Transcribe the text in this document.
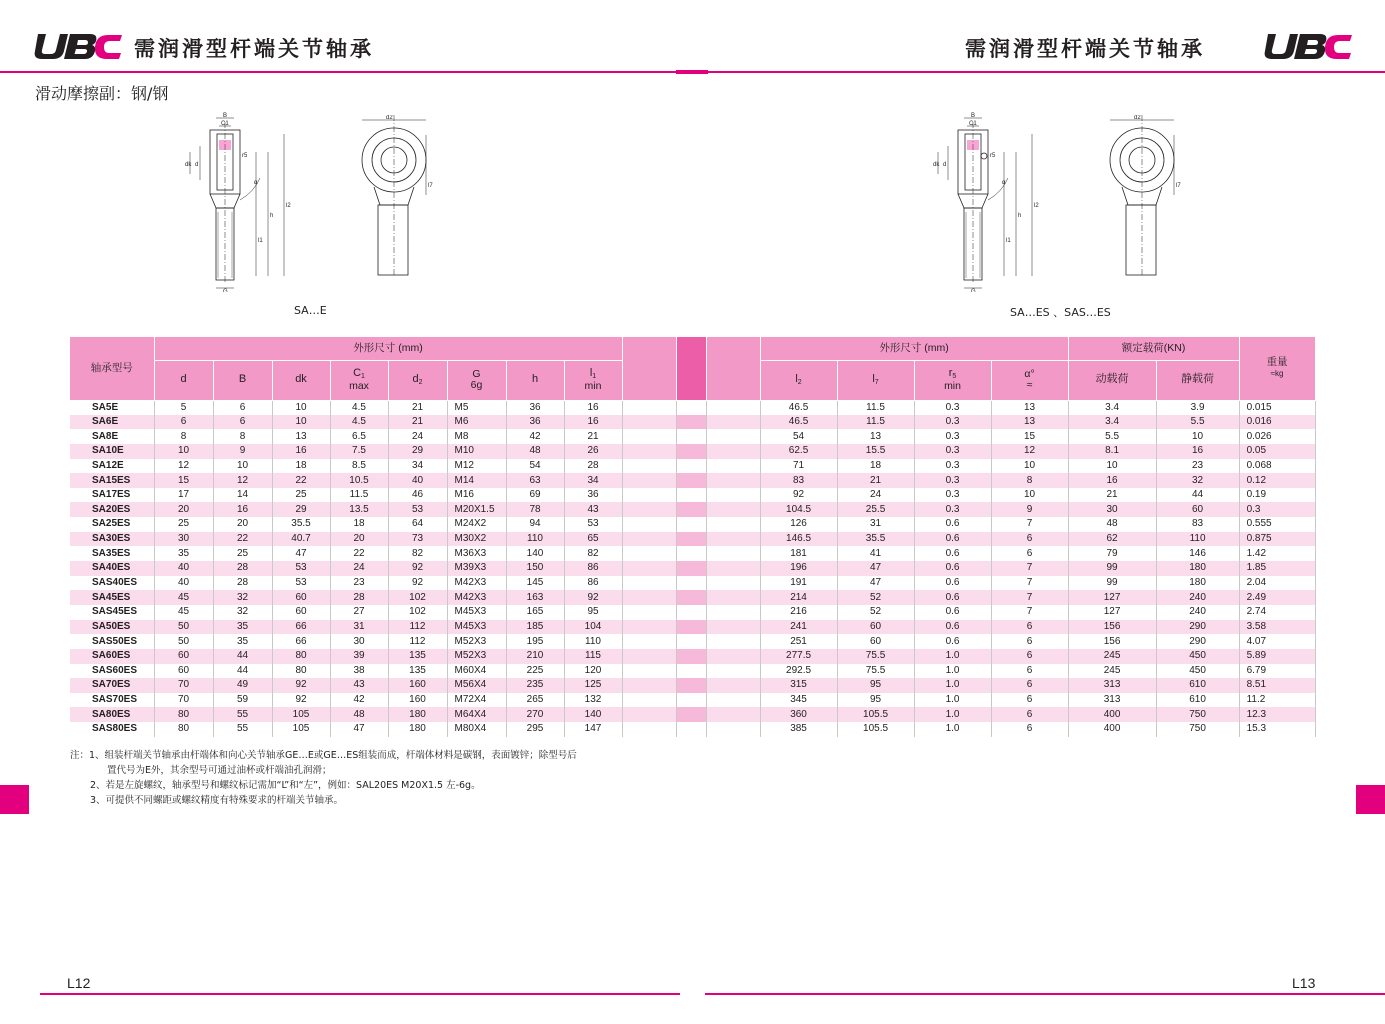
需润滑型杆端关节轴承	需润滑型杆端关节轴承
滑动摩擦副：钢/钢
B
C1
r5
dk d
α
G
l1
h
l2
d2
l7
SA…E
B
C1
r5
dk d
α
G
l1
h
l2
d2
l7
SA…ES 、SAS…ES
轴承型号	外形尺寸 (mm)											外形尺寸 (mm)				额定载荷(KN)		重量
≈kg
	d	B	dk	$C_1$
max	$d_2$	G
6g	h	$l_1$
min				$l_2$	$l_7$	$r_5$
min	α°
≈	动载荷	静载荷	
SA5E	5	6	10	4.5	21	M5	36	16				46.5	11.5	0.3	13	3.4	3.9	0.015
SA6E	6	6	10	4.5	21	M6	36	16				46.5	11.5	0.3	13	3.4	5.5	0.016
SA8E	8	8	13	6.5	24	M8	42	21				54	13	0.3	15	5.5	10	0.026
SA10E	10	9	16	7.5	29	M10	48	26				62.5	15.5	0.3	12	8.1	16	0.05
SA12E	12	10	18	8.5	34	M12	54	28				71	18	0.3	10	10	23	0.068
SA15ES	15	12	22	10.5	40	M14	63	34				83	21	0.3	8	16	32	0.12
SA17ES	17	14	25	11.5	46	M16	69	36				92	24	0.3	10	21	44	0.19
SA20ES	20	16	29	13.5	53	M20X1.5	78	43				104.5	25.5	0.3	9	30	60	0.3
SA25ES	25	20	35.5	18	64	M24X2	94	53				126	31	0.6	7	48	83	0.555
SA30ES	30	22	40.7	20	73	M30X2	110	65				146.5	35.5	0.6	6	62	110	0.875
SA35ES	35	25	47	22	82	M36X3	140	82				181	41	0.6	6	79	146	1.42
SA40ES	40	28	53	24	92	M39X3	150	86				196	47	0.6	7	99	180	1.85
SAS40ES	40	28	53	23	92	M42X3	145	86				191	47	0.6	7	99	180	2.04
SA45ES	45	32	60	28	102	M42X3	163	92				214	52	0.6	7	127	240	2.49
SAS45ES	45	32	60	27	102	M45X3	165	95				216	52	0.6	7	127	240	2.74
SA50ES	50	35	66	31	112	M45X3	185	104				241	60	0.6	6	156	290	3.58
SAS50ES	50	35	66	30	112	M52X3	195	110				251	60	0.6	6	156	290	4.07
SA60ES	60	44	80	39	135	M52X3	210	115				277.5	75.5	1.0	6	245	450	5.89
SAS60ES	60	44	80	38	135	M60X4	225	120				292.5	75.5	1.0	6	245	450	6.79
SA70ES	70	49	92	43	160	M56X4	235	125				315	95	1.0	6	313	610	8.51
SAS70ES	70	59	92	42	160	M72X4	265	132				345	95	1.0	6	313	610	11.2
SA80ES	80	55	105	48	180	M64X4	270	140				360	105.5	1.0	6	400	750	12.3
SAS80ES	80	55	105	47	180	M80X4	295	147				385	105.5	1.0	6	400	750	15.3
注：1、组装杆端关节轴承由杆端体和向心关节轴承GE…E或GE…ES组装而成，杆端体材料是碳钢，表面镀锌；除型号后
置代号为E外，其余型号可通过油杯或杆端油孔润滑；
2、若是左旋螺纹，轴承型号和螺纹标记需加“L”和“左”，例如：SAL20ES M20X1.5 左-6g。
3、可提供不同螺距或螺纹精度有特殊要求的杆端关节轴承。
L12	L13
